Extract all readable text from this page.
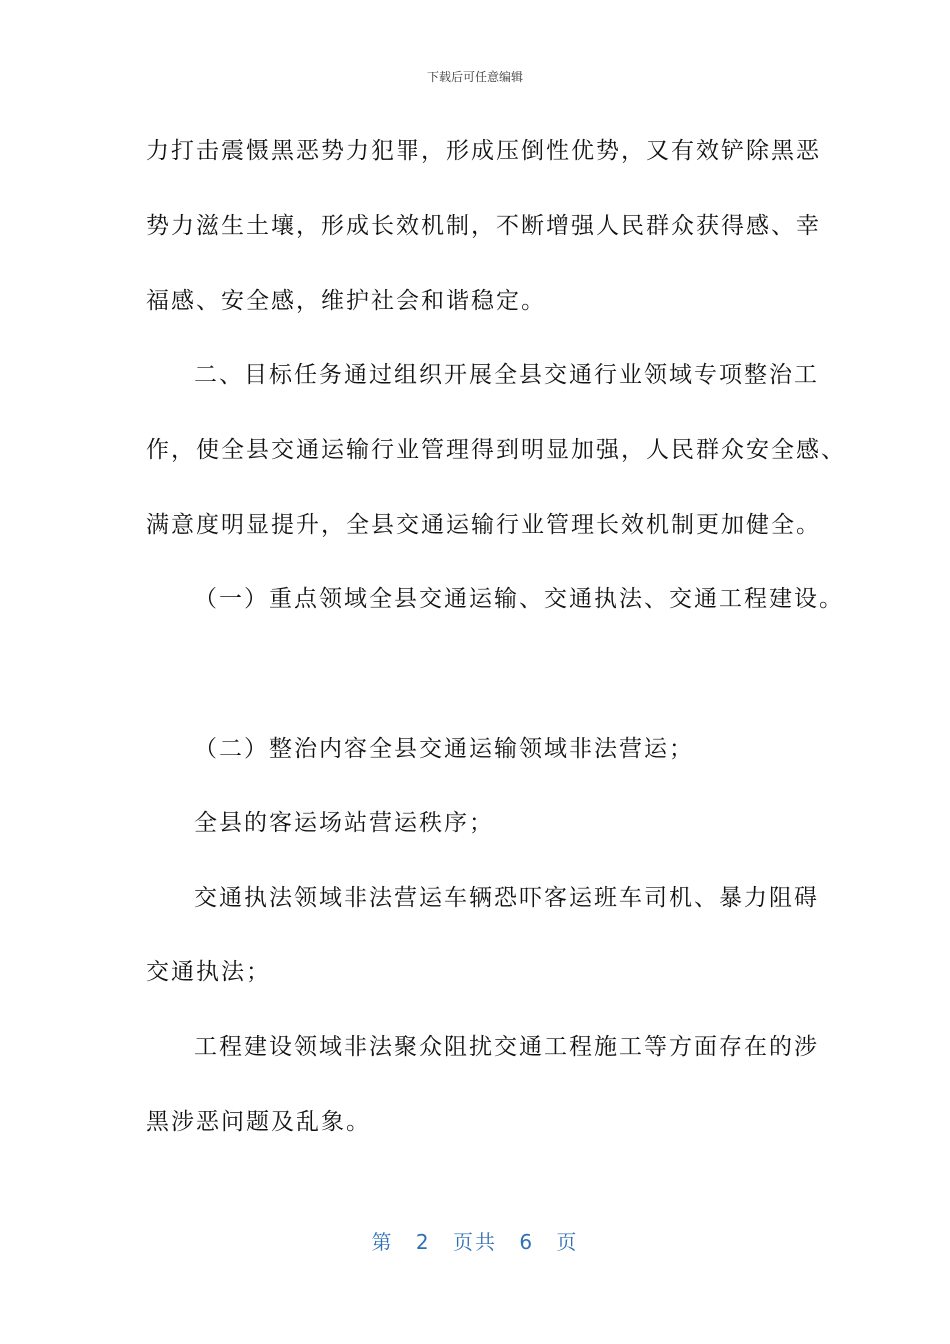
下载后可任意编辑
力打击震慑黑恶势力犯罪，形成压倒性优势，又有效铲除黑恶
势力滋生土壤，形成长效机制，不断增强人民群众获得感、幸
福感、安全感，维护社会和谐稳定。
二、目标任务通过组织开展全县交通行业领域专项整治工
作，使全县交通运输行业管理得到明显加强，人民群众安全感、
满意度明显提升，全县交通运输行业管理长效机制更加健全。
（一）重点领域全县交通运输、交通执法、交通工程建设。
（二）整治内容全县交通运输领域非法营运；
全县的客运场站营运秩序；
交通执法领域非法营运车辆恐吓客运班车司机、暴力阻碍
交通执法；
工程建设领域非法聚众阻扰交通工程施工等方面存在的涉
黑涉恶问题及乱象。
第 2 页共 6 页
